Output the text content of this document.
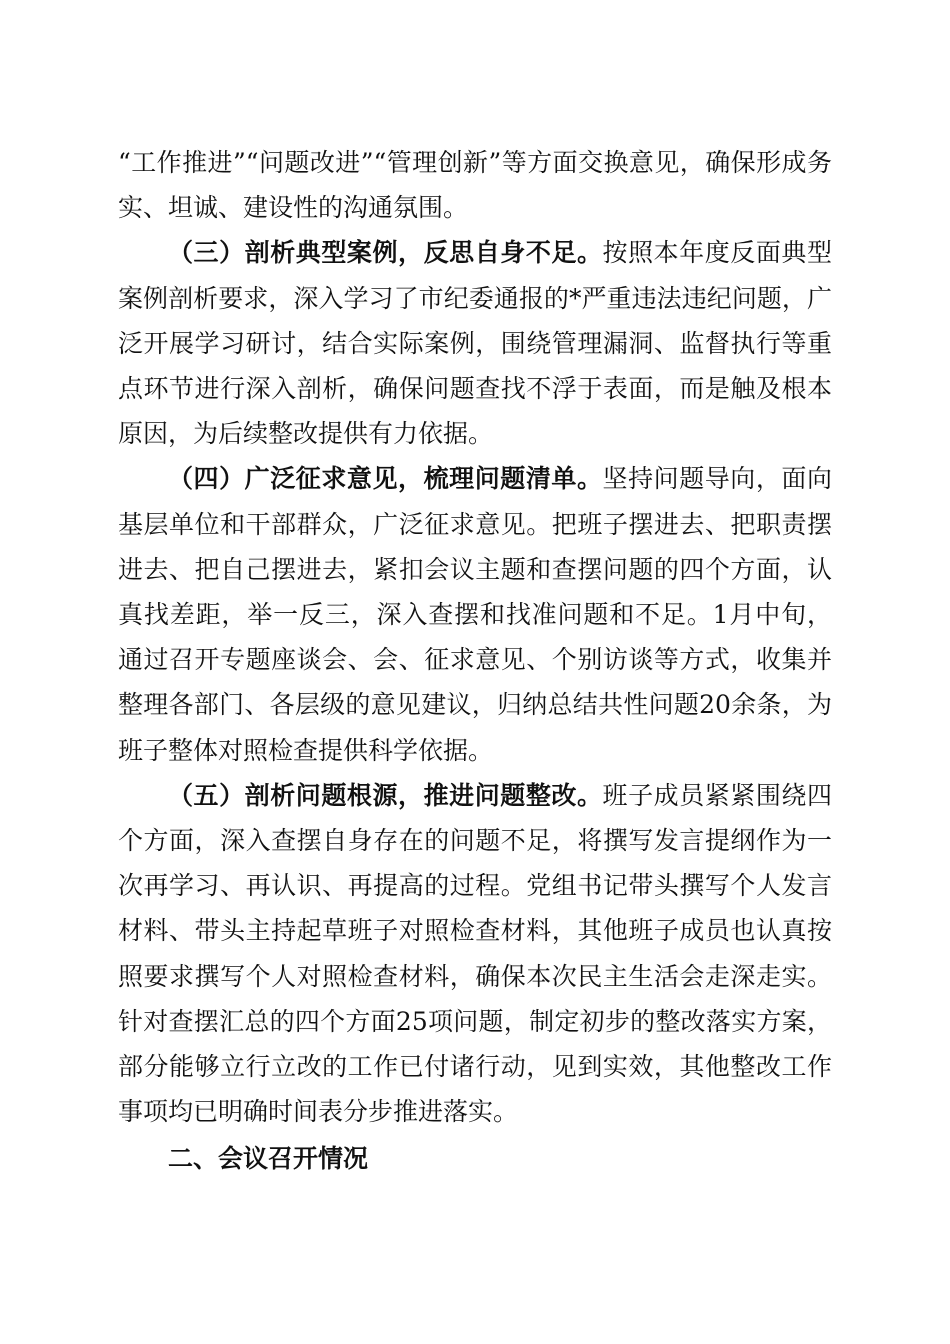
“工作推进”“问题改进”“管理创新”等方面交换意见，确保形成务实、坦诚、建设性的沟通氛围。

（三）剖析典型案例，反思自身不足。按照本年度反面典型案例剖析要求，深入学习了市纪委通报的*严重违法违纪问题，广泛开展学习研讨，结合实际案例，围绕管理漏洞、监督执行等重点环节进行深入剖析，确保问题查找不浮于表面，而是触及根本原因，为后续整改提供有力依据。

（四）广泛征求意见，梳理问题清单。坚持问题导向，面向基层单位和干部群众，广泛征求意见。把班子摆进去、把职责摆进去、把自己摆进去，紧扣会议主题和查摆问题的四个方面，认真找差距，举一反三，深入查摆和找准问题和不足。1月中旬，通过召开专题座谈会、会、征求意见、个别访谈等方式，收集并整理各部门、各层级的意见建议，归纳总结共性问题20余条，为班子整体对照检查提供科学依据。

（五）剖析问题根源，推进问题整改。班子成员紧紧围绕四个方面，深入查摆自身存在的问题不足，将撰写发言提纲作为一次再学习、再认识、再提高的过程。党组书记带头撰写个人发言材料、带头主持起草班子对照检查材料，其他班子成员也认真按照要求撰写个人对照检查材料，确保本次民主生活会走深走实。针对查摆汇总的四个方面25项问题，制定初步的整改落实方案，部分能够立行立改的工作已付诸行动，见到实效，其他整改工作事项均已明确时间表分步推进落实。

二、会议召开情况
